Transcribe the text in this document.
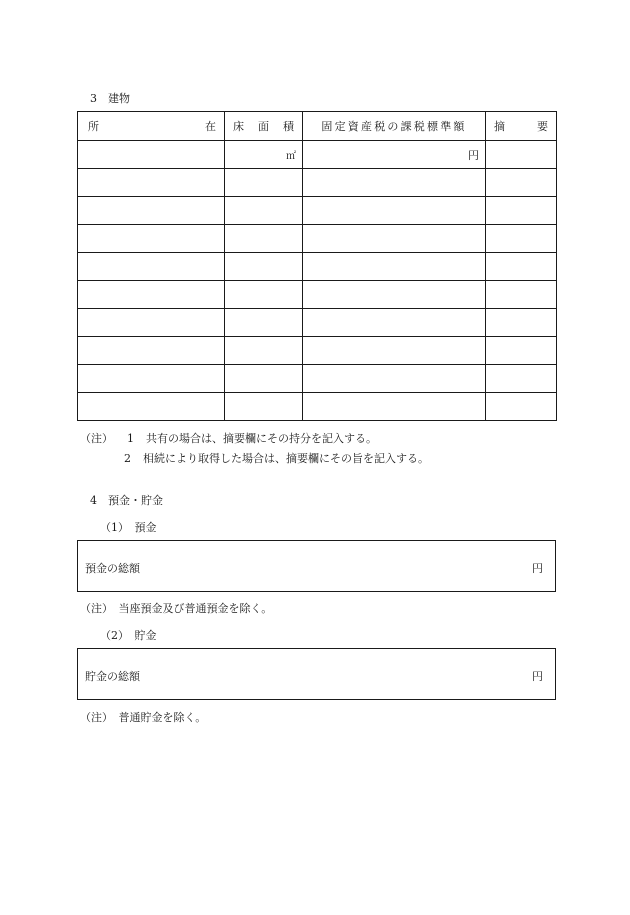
3　建物
所 在	床 面 積	固定資産税の課税標準額	摘 要

	㎡	円	

（注） 1 共有の場合は、摘要欄にその持分を記入する。
2 相続により取得した場合は、摘要欄にその旨を記入する。
4　預金・貯金
（1）　預金
預金の総額	円
（注）　当座預金及び普通預金を除く。
（2）　貯金
貯金の総額	円
（注）　普通貯金を除く。
